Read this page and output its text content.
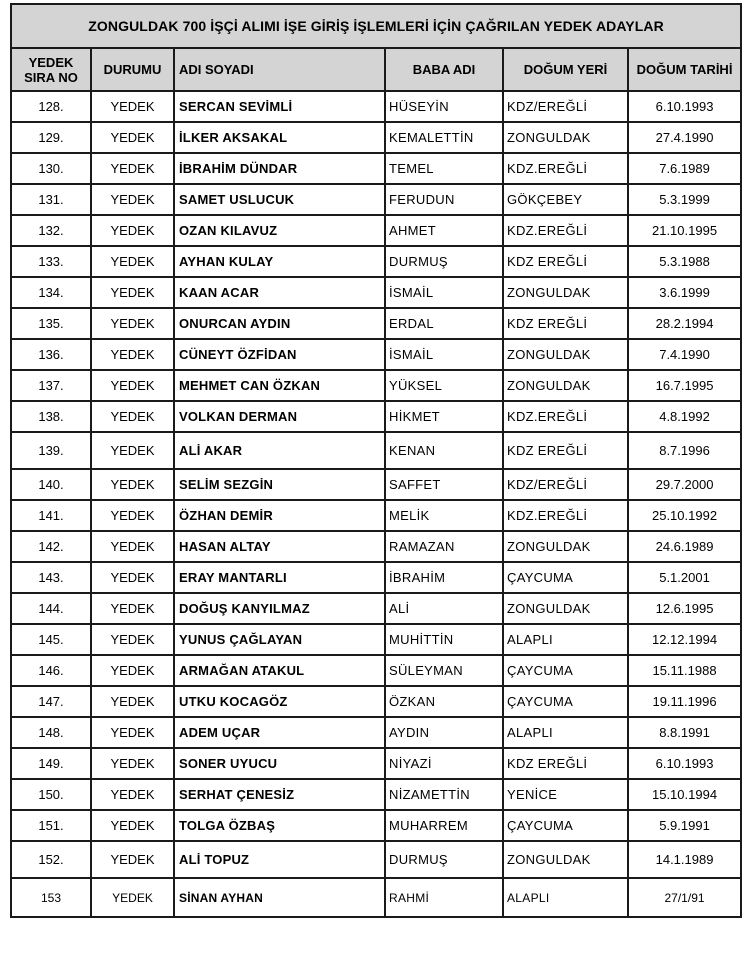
ZONGULDAK 700 İŞÇİ ALIMI İŞE GİRİŞ İŞLEMLERİ İÇİN ÇAĞRILAN YEDEK ADAYLAR					
YEDEK
SIRA NO	DURUMU	ADI SOYADI	BABA ADI	DOĞUM YERİ	DOĞUM TARİHİ
128.	YEDEK	SERCAN SEVİMLİ	HÜSEYİN	KDZ/EREĞLİ	6.10.1993
129.	YEDEK	İLKER AKSAKAL	KEMALETTİN	ZONGULDAK	27.4.1990
130.	YEDEK	İBRAHİM DÜNDAR	TEMEL	KDZ.EREĞLİ	7.6.1989
131.	YEDEK	SAMET USLUCUK	FERUDUN	GÖKÇEBEY	5.3.1999
132.	YEDEK	OZAN KILAVUZ	AHMET	KDZ.EREĞLİ	21.10.1995
133.	YEDEK	AYHAN KULAY	DURMUŞ	KDZ EREĞLİ	5.3.1988
134.	YEDEK	KAAN ACAR	İSMAİL	ZONGULDAK	3.6.1999
135.	YEDEK	ONURCAN AYDIN	ERDAL	KDZ EREĞLİ	28.2.1994
136.	YEDEK	CÜNEYT ÖZFİDAN	İSMAİL	ZONGULDAK	7.4.1990
137.	YEDEK	MEHMET CAN ÖZKAN	YÜKSEL	ZONGULDAK	16.7.1995
138.	YEDEK	VOLKAN DERMAN	HİKMET	KDZ.EREĞLİ	4.8.1992
139.	YEDEK	ALİ AKAR	KENAN	KDZ EREĞLİ	8.7.1996
140.	YEDEK	SELİM SEZGİN	SAFFET	KDZ/EREĞLİ	29.7.2000
141.	YEDEK	ÖZHAN DEMİR	MELİK	KDZ.EREĞLİ	25.10.1992
142.	YEDEK	HASAN ALTAY	RAMAZAN	ZONGULDAK	24.6.1989
143.	YEDEK	ERAY MANTARLI	İBRAHİM	ÇAYCUMA	5.1.2001
144.	YEDEK	DOĞUŞ KANYILMAZ	ALİ	ZONGULDAK	12.6.1995
145.	YEDEK	YUNUS ÇAĞLAYAN	MUHİTTİN	ALAPLI	12.12.1994
146.	YEDEK	ARMAĞAN ATAKUL	SÜLEYMAN	ÇAYCUMA	15.11.1988
147.	YEDEK	UTKU KOCAGÖZ	ÖZKAN	ÇAYCUMA	19.11.1996
148.	YEDEK	ADEM UÇAR	AYDIN	ALAPLI	8.8.1991
149.	YEDEK	SONER UYUCU	NİYAZİ	KDZ EREĞLİ	6.10.1993
150.	YEDEK	SERHAT ÇENESİZ	NİZAMETTİN	YENİCE	15.10.1994
151.	YEDEK	TOLGA ÖZBAŞ	MUHARREM	ÇAYCUMA	5.9.1991
152.	YEDEK	ALİ TOPUZ	DURMUŞ	ZONGULDAK	14.1.1989
153	YEDEK	SİNAN AYHAN	RAHMİ	ALAPLI	27/1/91
